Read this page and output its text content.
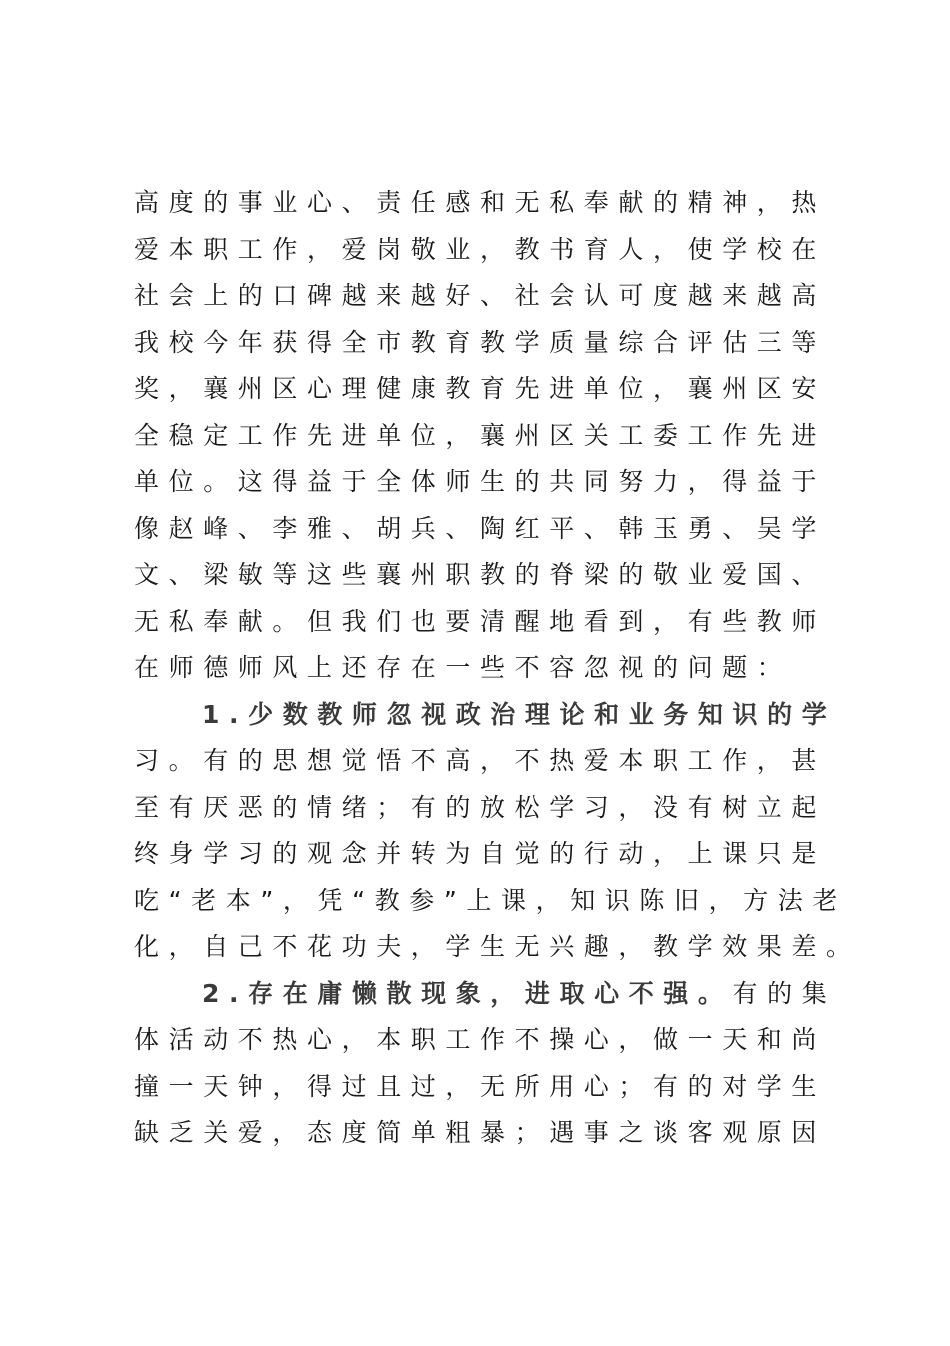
高度的事业心、责任感和无私奉献的精神，热
爱本职工作，爱岗敬业，教书育人，使学校在
社会上的口碑越来越好、社会认可度越来越高
我校今年获得全市教育教学质量综合评估三等
奖，襄州区心理健康教育先进单位，襄州区安
全稳定工作先进单位，襄州区关工委工作先进
单位。这得益于全体师生的共同努力，得益于
像赵峰、李雅、胡兵、陶红平、韩玉勇、吴学
文、梁敏等这些襄州职教的脊梁的敬业爱国、
无私奉献。但我们也要清醒地看到，有些教师
在师德师风上还存在一些不容忽视的问题：
1.少数教师忽视政治理论和业务知识的学
习。有的思想觉悟不高，不热爱本职工作，甚
至有厌恶的情绪；有的放松学习，没有树立起
终身学习的观念并转为自觉的行动，上课只是
吃“老本”，凭“教参”上课，知识陈旧，方法老
化，自己不花功夫，学生无兴趣，教学效果差。
2.存在庸懒散现象，进取心不强。有的集
体活动不热心，本职工作不操心，做一天和尚
撞一天钟，得过且过，无所用心；有的对学生
缺乏关爱，态度简单粗暴；遇事之谈客观原因
